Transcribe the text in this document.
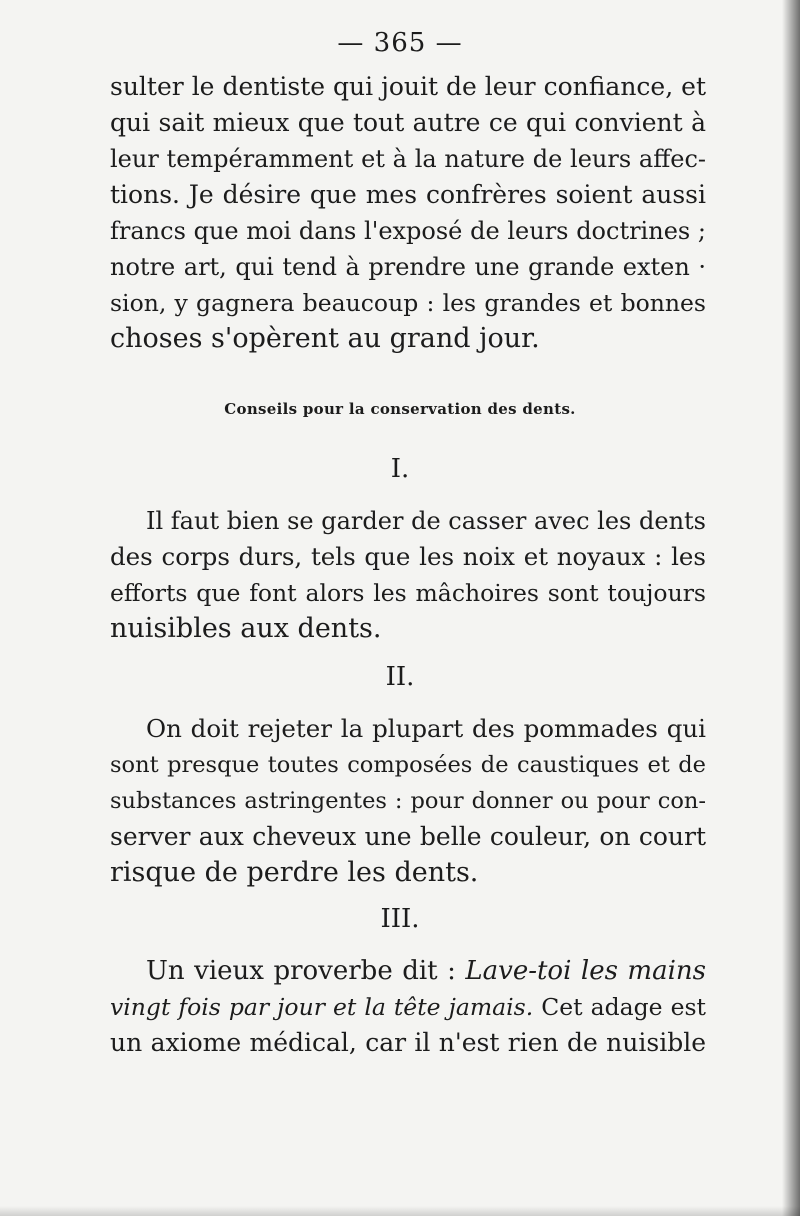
— 365 —
sulter le dentiste qui jouit de leur confiance, et
qui sait mieux que tout autre ce qui convient à
leur tempéramment et à la nature de leurs affec-
tions. Je désire que mes confrères soient aussi
francs que moi dans l'exposé de leurs doctrines ;
notre art, qui tend à prendre une grande exten ·
sion, y gagnera beaucoup : les grandes et bonnes
choses s'opèrent au grand jour.
Conseils pour la conservation des dents.
I.
Il faut bien se garder de casser avec les dents
des corps durs, tels que les noix et noyaux : les
efforts que font alors les mâchoires sont toujours
nuisibles aux dents.
II.
On doit rejeter la plupart des pommades qui
sont presque toutes composées de caustiques et de
substances astringentes : pour donner ou pour con-
server aux cheveux une belle couleur, on court
risque de perdre les dents.
III.
Un vieux proverbe dit : Lave-toi les mains
vingt fois par jour et la tête jamais. Cet adage est
un axiome médical, car il n'est rien de nuisible
